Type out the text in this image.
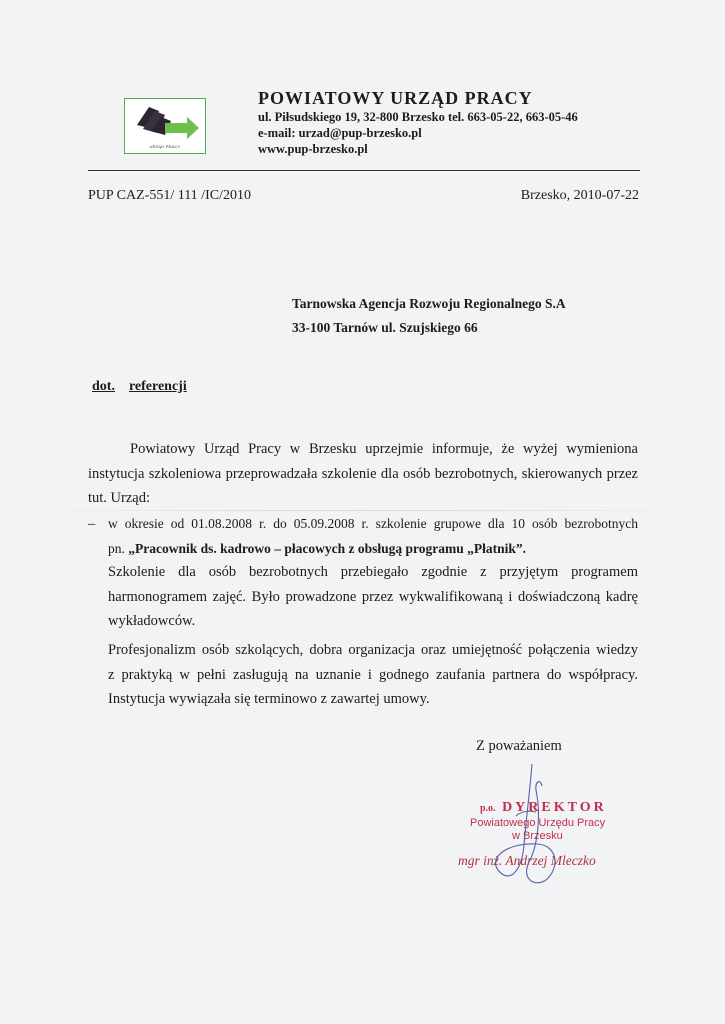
URZĄD PRACY
POWIATOWY URZĄD PRACY
ul. Piłsudskiego 19, 32-800 Brzesko tel. 663-05-22, 663-05-46
e-mail: urzad@pup-brzesko.pl
www.pup-brzesko.pl
PUP CAZ-551/ 111 /IC/2010	Brzesko, 2010-07-22
Tarnowska Agencja Rozwoju Regionalnego S.A
33-100 Tarnów ul. Szujskiego 66
dot. referencji
Powiatowy Urząd Pracy w Brzesku uprzejmie informuje, że wyżej wymieniona
instytucja szkoleniowa przeprowadzała szkolenie dla osób bezrobotnych, skierowanych przez
tut. Urząd:
– w okresie od 01.08.2008 r. do 05.09.2008 r. szkolenie grupowe dla 10 osób bezrobotnych
pn. „Pracownik ds. kadrowo – płacowych z obsługą programu „Płatnik”.
Szkolenie dla osób bezrobotnych przebiegało zgodnie z przyjętym programem
harmonogramem zajęć. Było prowadzone przez wykwalifikowaną i doświadczoną kadrę
wykładowców.
Profesjonalizm osób szkolących, dobra organizacja oraz umiejętność połączenia wiedzy
z praktyką w pełni zasługują na uznanie i godnego zaufania partnera do współpracy.
Instytucja wywiązała się terminowo z zawartej umowy.
Z poważaniem
p.o. DYREKTOR
Powiatowego Urzędu Pracy
w Brzesku
mgr inż. Andrzej Mleczko
